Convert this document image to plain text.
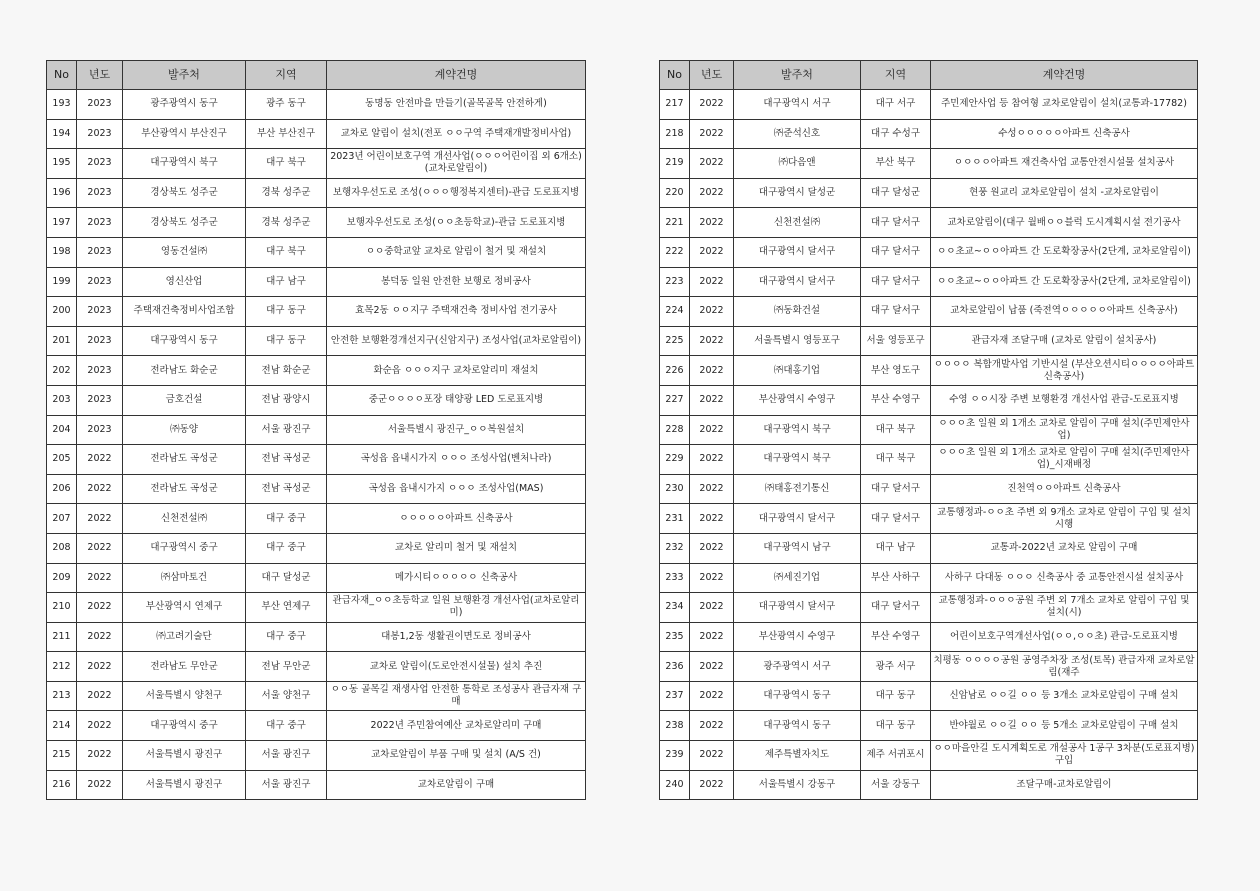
No	년도	발주처	지역	계약건명
193	2023	광주광역시 동구	광주 동구	동명동 안전마을 만들기(골목골목 안전하게)
194	2023	부산광역시 부산진구	부산 부산진구	교차로 알림이 설치(전포 ㅇㅇ구역 주택재개발정비사업)
195	2023	대구광역시 북구	대구 북구	2023년 어린이보호구역 개선사업(ㅇㅇㅇ어린이집 외 6개소)(교차로알림이)
196	2023	경상북도 성주군	경북 성주군	보행자우선도로 조성(ㅇㅇㅇ행정복지센터)-관급 도로표지병
197	2023	경상북도 성주군	경북 성주군	보행자우선도로 조성(ㅇㅇ초등학교)-관급 도로표지병
198	2023	영동건설㈜	대구 북구	ㅇㅇ중학교앞 교차로 알림이 철거 및 재설치
199	2023	영신산업	대구 남구	봉덕동 일원 안전한 보행로 정비공사
200	2023	주택재건축정비사업조합	대구 동구	효목2동 ㅇㅇ지구 주택재건축 정비사업 전기공사
201	2023	대구광역시 동구	대구 동구	안전한 보행환경개선지구(신암지구) 조성사업(교차로알림이)
202	2023	전라남도 화순군	전남 화순군	화순읍 ㅇㅇㅇ지구 교차로알리미 재설치
203	2023	금호건설	전남 광양시	중군ㅇㅇㅇㅇ포장 태양광 LED 도로표지병
204	2023	㈜동양	서울 광진구	서울특별시 광진구_ㅇㅇ복원설치
205	2022	전라남도 곡성군	전남 곡성군	곡성읍 읍내시가지 ㅇㅇㅇ 조성사업(벤처나라)
206	2022	전라남도 곡성군	전남 곡성군	곡성읍 읍내시가지 ㅇㅇㅇ 조성사업(MAS)
207	2022	신천전설㈜	대구 중구	ㅇㅇㅇㅇㅇ아파트 신축공사
208	2022	대구광역시 중구	대구 중구	교차로 알리미 철거 및 재설치
209	2022	㈜삼마토건	대구 달성군	메가시티ㅇㅇㅇㅇㅇ 신축공사
210	2022	부산광역시 연제구	부산 연제구	관급자재_ㅇㅇ초등학교 일원 보행환경 개선사업(교차로알리미)
211	2022	㈜고려기술단	대구 중구	대봉1,2동 생활권이면도로 정비공사
212	2022	전라남도 무안군	전남 무안군	교차로 알림이(도로안전시설물) 설치 추진
213	2022	서울특별시 양천구	서울 양천구	ㅇㅇ동 골목길 재생사업 안전한 통학로 조성공사 관급자재 구매
214	2022	대구광역시 중구	대구 중구	2022년 주민참여예산 교차로알리미 구매
215	2022	서울특별시 광진구	서울 광진구	교차로알림이 부품 구매 및 설치 (A/S 건)
216	2022	서울특별시 광진구	서울 광진구	교차로알림이 구매
No	년도	발주처	지역	계약건명
217	2022	대구광역시 서구	대구 서구	주민제안사업 등 참여형 교차로알림이 설치(교통과-17782)
218	2022	㈜준석신호	대구 수성구	수성ㅇㅇㅇㅇㅇ아파트 신축공사
219	2022	㈜다음앤	부산 북구	ㅇㅇㅇㅇ아파트 재건축사업 교통안전시설물 설치공사
220	2022	대구광역시 달성군	대구 달성군	현풍 원교리 교차로알림이 설치 -교차로알림이
221	2022	신천전설㈜	대구 달서구	교차로알림이(대구 월배ㅇㅇ블럭 도시계획시설 전기공사
222	2022	대구광역시 달서구	대구 달서구	ㅇㅇ초교~ㅇㅇ아파트 간 도로확장공사(2단계, 교차로알림이)
223	2022	대구광역시 달서구	대구 달서구	ㅇㅇ초교~ㅇㅇ아파트 간 도로확장공사(2단계, 교차로알림이)
224	2022	㈜동화건설	대구 달서구	교차로알림이 납품 (죽전역ㅇㅇㅇㅇㅇ아파트 신축공사)
225	2022	서울특별시 영등포구	서울 영등포구	관급자재 조달구매 (교차로 알림이 설치공사)
226	2022	㈜대홍기업	부산 영도구	ㅇㅇㅇㅇ 복합개발사업 기반시설 (부산오션시티ㅇㅇㅇㅇ아파트 신축공사)
227	2022	부산광역시 수영구	부산 수영구	수영 ㅇㅇ시장 주변 보행환경 개선사업 관급-도로표지병
228	2022	대구광역시 북구	대구 북구	ㅇㅇㅇ초 일원 외 1개소 교차로 알림이 구매 설치(주민제안사업)
229	2022	대구광역시 북구	대구 북구	ㅇㅇㅇ초 일원 외 1개소 교차로 알림이 구매 설치(주민제안사업)_시재배정
230	2022	㈜태홍전기통신	대구 달서구	진천역ㅇㅇ아파트 신축공사
231	2022	대구광역시 달서구	대구 달서구	교통행정과-ㅇㅇ초 주변 외 9개소 교차로 알림이 구입 및 설치 시행
232	2022	대구광역시 남구	대구 남구	교통과-2022년 교차로 알림이 구매
233	2022	㈜세진기업	부산 사하구	사하구 다대동 ㅇㅇㅇ 신축공사 중 교통안전시설 설치공사
234	2022	대구광역시 달서구	대구 달서구	교통행정과-ㅇㅇㅇ공원 주변 외 7개소 교차로 알림이 구입 및 설치(시)
235	2022	부산광역시 수영구	부산 수영구	어린이보호구역개선사업(ㅇㅇ,ㅇㅇ초) 관급-도로표지병
236	2022	광주광역시 서구	광주 서구	치평동 ㅇㅇㅇㅇ공원 공영주차장 조성(토목) 관급자재 교차로알림(재주
237	2022	대구광역시 동구	대구 동구	신암남로 ㅇㅇ길 ㅇㅇ 등 3개소 교차로알림이 구매 설치
238	2022	대구광역시 동구	대구 동구	반야월로 ㅇㅇ길 ㅇㅇ 등 5개소 교차로알림이 구매 설치
239	2022	제주특별자치도	제주 서귀포시	ㅇㅇ마을안길 도시계획도로 개설공사 1공구 3차분(도로표지병)구입
240	2022	서울특별시 강동구	서울 강동구	조달구매-교차로알림이
